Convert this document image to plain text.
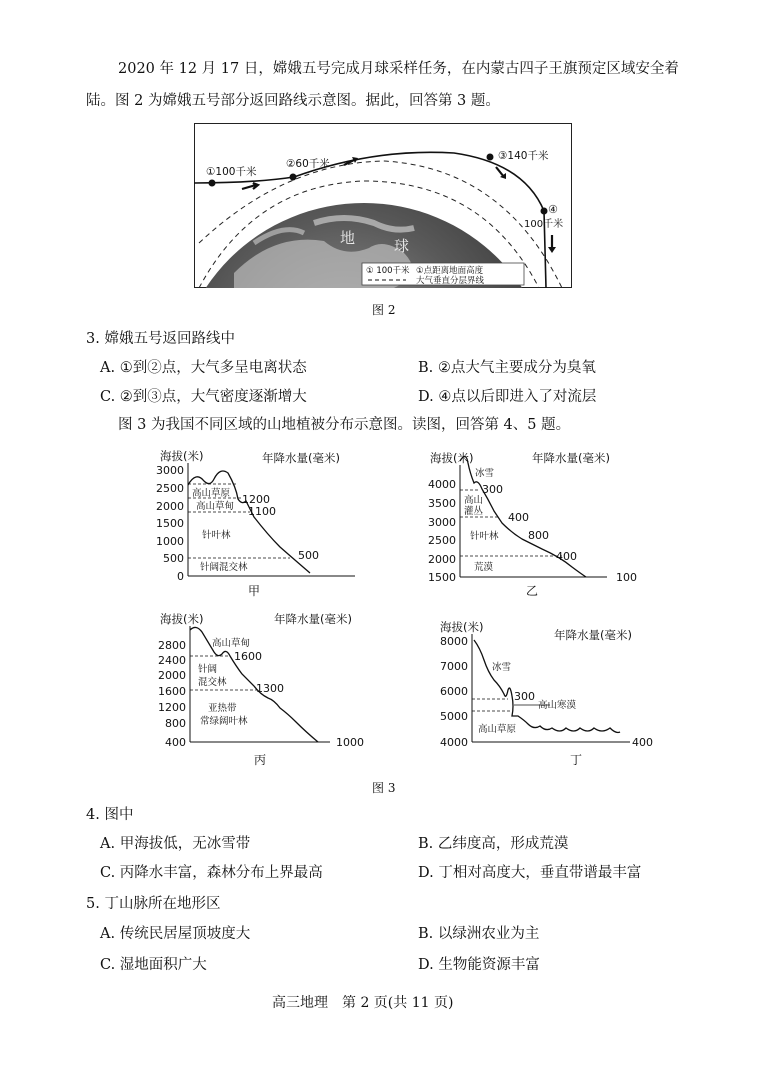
2020 年 12 月 17 日，嫦娥五号完成月球采样任务，在内蒙古四子王旗预定区域安全着
陆。图 2 为嫦娥五号部分返回路线示意图。据此，回答第 3 题。
①100千米
②60千米
③140千米
④
100千米
地	球
① 100千米 ①点距离地面高度
大气垂直分层界线
图 2
3. 嫦娥五号返回路线中
A. ①到②点，大气多呈电离状态	B. ②点大气主要成分为臭氧
C. ②到③点，大气密度逐渐增大	D. ④点以后即进入了对流层
图 3 为我国不同区域的山地植被分布示意图。读图，回答第 4、5 题。
海拔(米)	年降水量(毫米)
3000
2500
2000
1500
1000
500
0
高山草原
高山草甸
针叶林
针阔混交林
1200
1100
500
甲
海拔(米)	年降水量(毫米)
4000
3500
3000
2500
2000
1500
冰雪
高山
灌丛
针叶林
荒漠
300
400
800
400
100
乙
海拔(米)	年降水量(毫米)
2800
2400
2000
1600
1200
800
400
高山草甸
针阔
混交林
亚热带
常绿阔叶林
1600
1300
1000
丙
海拔(米)
年降水量(毫米)
8000
7000
6000
5000
4000
冰雪
高山寒漠
高山草原
300
400
丁
图 3
4. 图中
A. 甲海拔低，无冰雪带	B. 乙纬度高，形成荒漠
C. 丙降水丰富，森林分布上界最高	D. 丁相对高度大，垂直带谱最丰富
5. 丁山脉所在地形区
A. 传统民居屋顶坡度大	B. 以绿洲农业为主
C. 湿地面积广大	D. 生物能资源丰富
高三地理　第 2 页(共 11 页)
